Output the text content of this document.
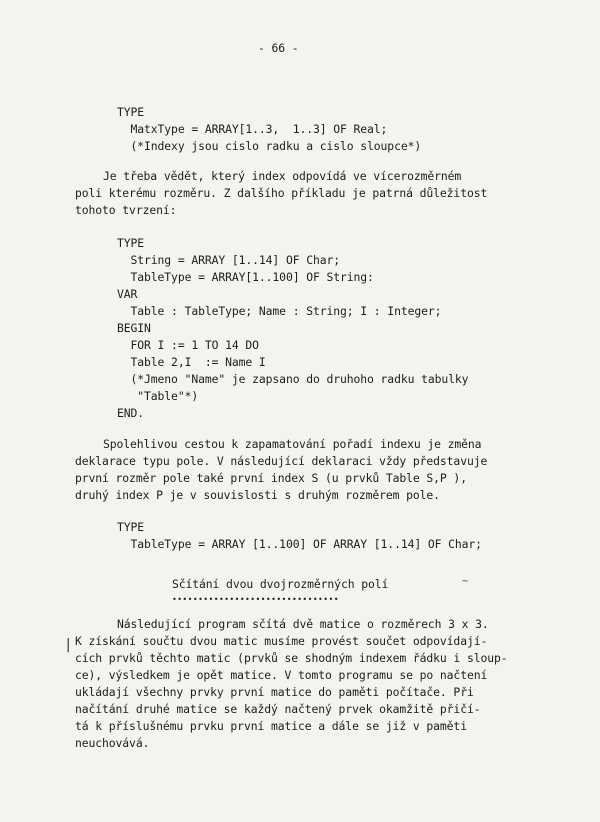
- 66 -
TYPE
MatxType = ARRAY[1..3,  1..3] OF Real;
(*Indexy jsou cislo radku a cislo sloupce*)
Je třeba vědět, který index odpovídá ve vícerozměrném
poli kterému rozměru. Z dalšího příkladu je patrná důležitost
tohoto tvrzení:
TYPE
String = ARRAY [1..14] OF Char;
TableType = ARRAY[1..100] OF String:
VAR
Table : TableType; Name : String; I : Integer;
BEGIN
FOR I := 1 TO 14 DO
Table 2,I  := Name I
(*Jmeno "Name" je zapsano do druhoho radku tabulky
"Table"*)
END.
Spolehlivou cestou k zapamatování pořadí indexu je změna
deklarace typu pole. V následující deklaraci vždy představuje
první rozměr pole také první index S (u prvků Table S,P ),
druhý index P je v souvislosti s druhým rozměrem pole.
TYPE
TableType = ARRAY [1..100] OF ARRAY [1..14] OF Char;
Sčítání dvou dvojrozměrných polí
••••••••••••••••••••••••••••••••
~
Následující program sčítá dvě matice o rozměrech 3 x 3.
K získání součtu dvou matic musíme provést součet odpovídají-
cích prvků těchto matic (prvků se shodným indexem řádku i sloup-
ce), výsledkem je opět matice. V tomto programu se po načtení
ukládají všechny prvky první matice do paměti počítače. Při
načítání druhé matice se každý načtený prvek okamžitě přičí-
tá k příslušnému prvku první matice a dále se již v paměti
neuchovává.
|
